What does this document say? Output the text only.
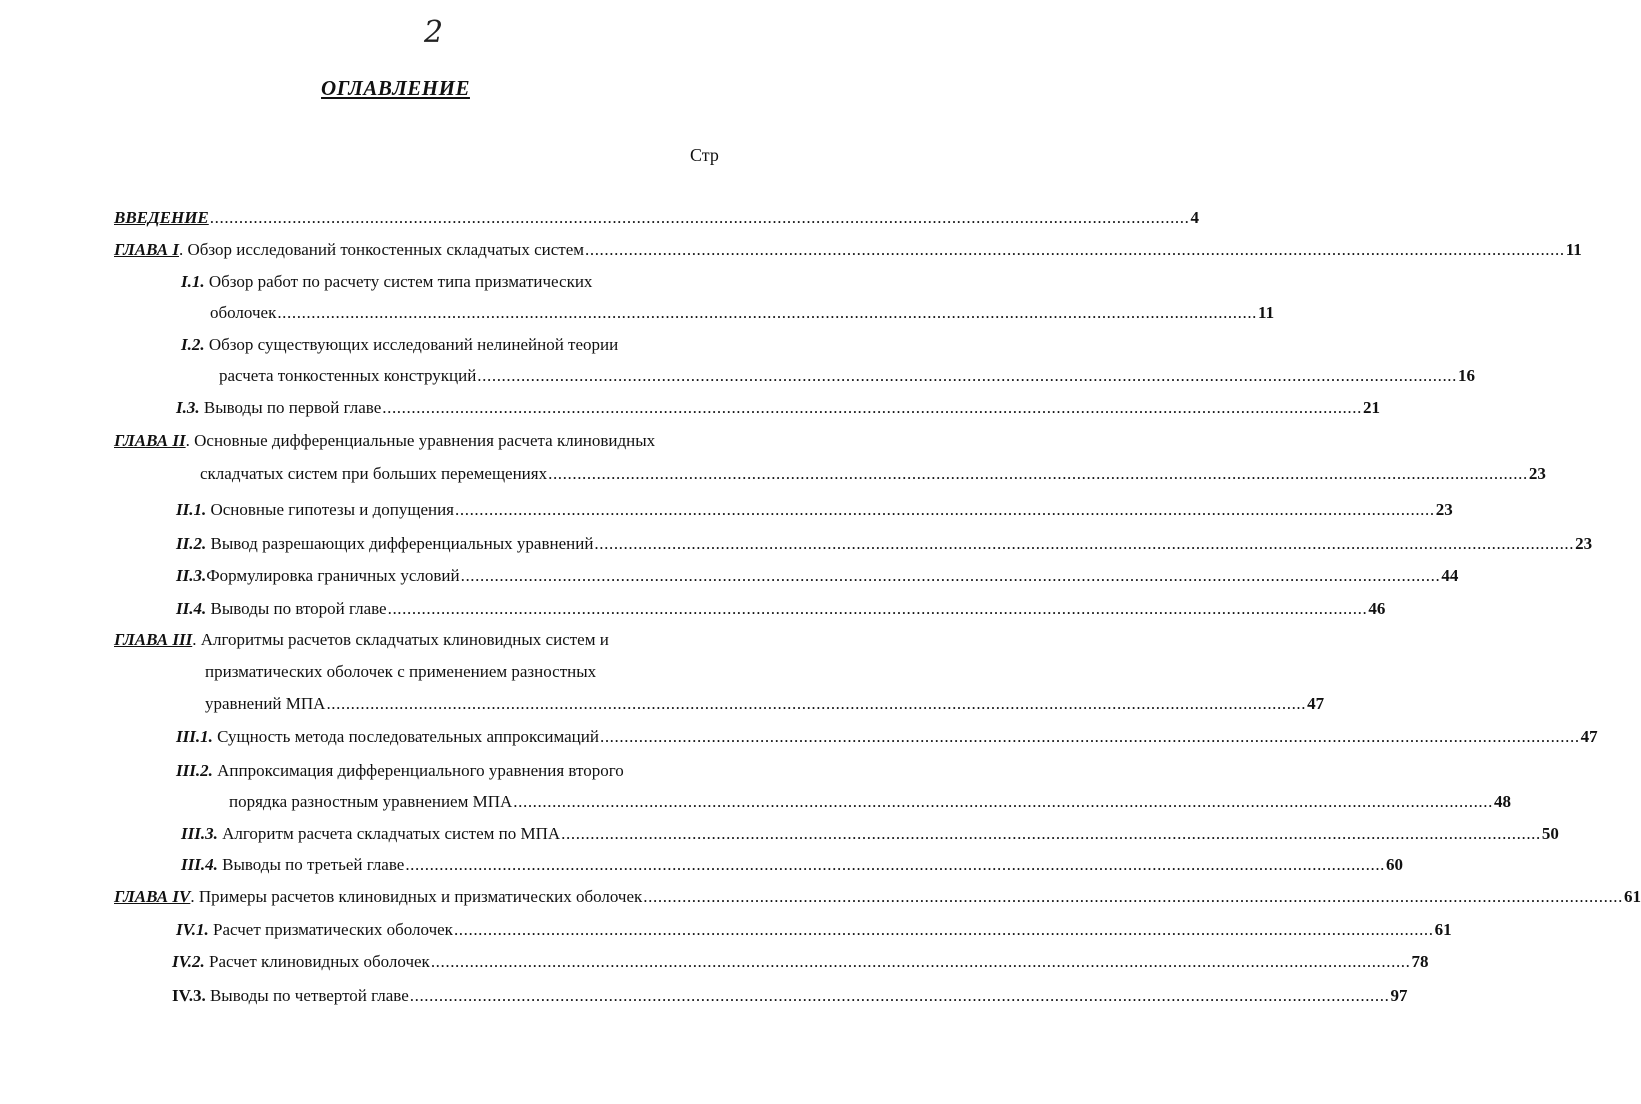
2
ОГЛАВЛЕНИЕ
Стр
ВВЕДЕНИЕ .......................................................................................................................................................................................................... 4
ГЛАВА I. Обзор исследований тонкостенных складчатых систем .......................................................................................................................................................................................................... 11
I.1. Обзор работ по расчету систем типа призматических
оболочек .......................................................................................................................................................................................................... 11
I.2. Обзор существующих исследований нелинейной теории
расчета тонкостенных конструкций .......................................................................................................................................................................................................... 16
I.3. Выводы по первой главе .......................................................................................................................................................................................................... 21
ГЛАВА II. Основные дифференциальные уравнения расчета клиновидных
складчатых систем при больших перемещениях .......................................................................................................................................................................................................... 23
II.1. Основные гипотезы и допущения .......................................................................................................................................................................................................... 23
II.2. Вывод разрешающих дифференциальных уравнений .......................................................................................................................................................................................................... 23
II.3.Формулировка граничных условий .......................................................................................................................................................................................................... 44
II.4. Выводы по второй главе .......................................................................................................................................................................................................... 46
ГЛАВА III. Алгоритмы расчетов складчатых клиновидных систем и
призматических оболочек с применением разностных
уравнений МПА .......................................................................................................................................................................................................... 47
III.1. Сущность метода последовательных аппроксимаций .......................................................................................................................................................................................................... 47
III.2. Аппроксимация дифференциального уравнения второго
порядка разностным уравнением МПА .......................................................................................................................................................................................................... 48
III.3. Алгоритм расчета складчатых систем по МПА .......................................................................................................................................................................................................... 50
III.4. Выводы по третьей главе .......................................................................................................................................................................................................... 60
ГЛАВА IV. Примеры расчетов клиновидных и призматических оболочек .......................................................................................................................................................................................................... 61
IV.1. Расчет призматических оболочек .......................................................................................................................................................................................................... 61
IV.2. Расчет клиновидных оболочек .......................................................................................................................................................................................................... 78
IV.3. Выводы по четвертой главе .......................................................................................................................................................................................................... 97
